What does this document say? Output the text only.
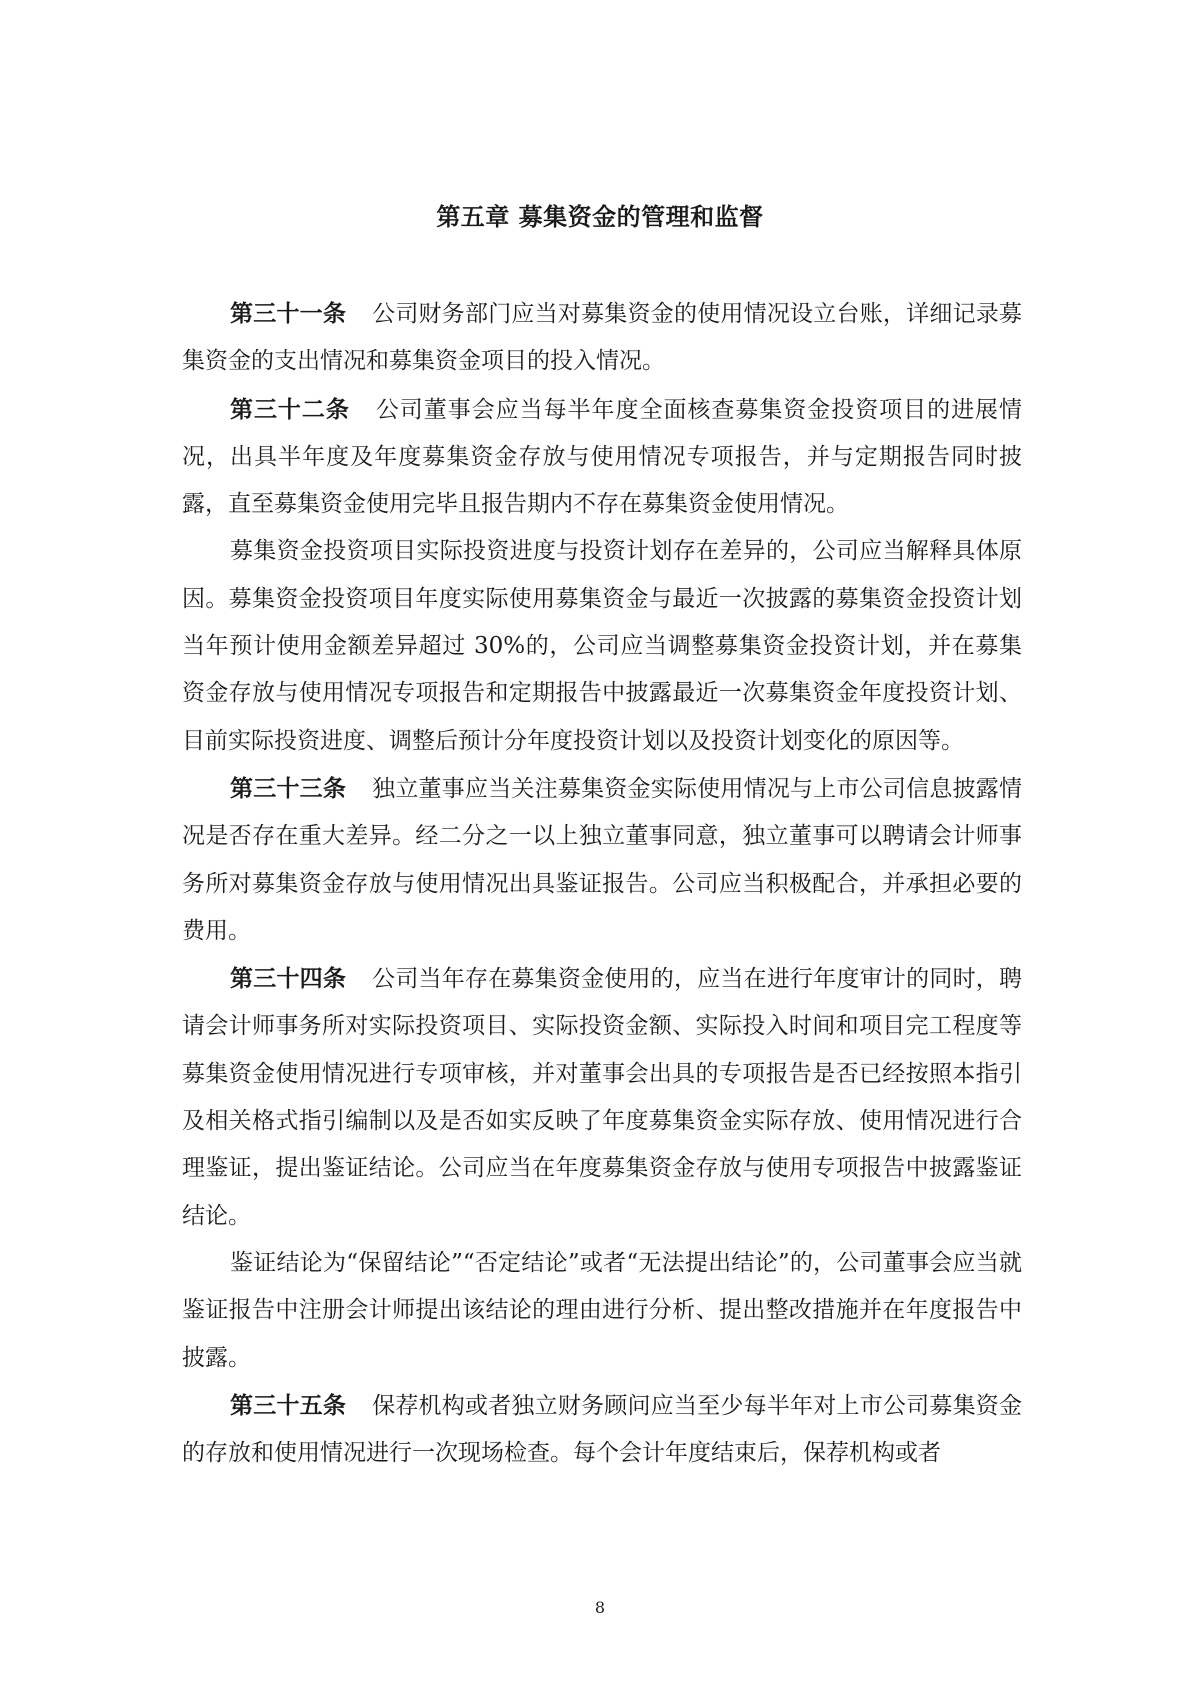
第五章 募集资金的管理和监督

第三十一条 公司财务部门应当对募集资金的使用情况设立台账，详细记录募集资金的支出情况和募集资金项目的投入情况。

第三十二条 公司董事会应当每半年度全面核查募集资金投资项目的进展情况，出具半年度及年度募集资金存放与使用情况专项报告，并与定期报告同时披露，直至募集资金使用完毕且报告期内不存在募集资金使用情况。

募集资金投资项目实际投资进度与投资计划存在差异的，公司应当解释具体原因。募集资金投资项目年度实际使用募集资金与最近一次披露的募集资金投资计划当年预计使用金额差异超过 30%的，公司应当调整募集资金投资计划，并在募集资金存放与使用情况专项报告和定期报告中披露最近一次募集资金年度投资计划、目前实际投资进度、调整后预计分年度投资计划以及投资计划变化的原因等。

第三十三条 独立董事应当关注募集资金实际使用情况与上市公司信息披露情况是否存在重大差异。经二分之一以上独立董事同意，独立董事可以聘请会计师事务所对募集资金存放与使用情况出具鉴证报告。公司应当积极配合，并承担必要的费用。

第三十四条 公司当年存在募集资金使用的，应当在进行年度审计的同时，聘请会计师事务所对实际投资项目、实际投资金额、实际投入时间和项目完工程度等募集资金使用情况进行专项审核，并对董事会出具的专项报告是否已经按照本指引及相关格式指引编制以及是否如实反映了年度募集资金实际存放、使用情况进行合理鉴证，提出鉴证结论。公司应当在年度募集资金存放与使用专项报告中披露鉴证结论。

鉴证结论为“保留结论”“否定结论”或者“无法提出结论”的，公司董事会应当就鉴证报告中注册会计师提出该结论的理由进行分析、提出整改措施并在年度报告中披露。

第三十五条 保荐机构或者独立财务顾问应当至少每半年对上市公司募集资金的存放和使用情况进行一次现场检查。每个会计年度结束后，保荐机构或者

8
